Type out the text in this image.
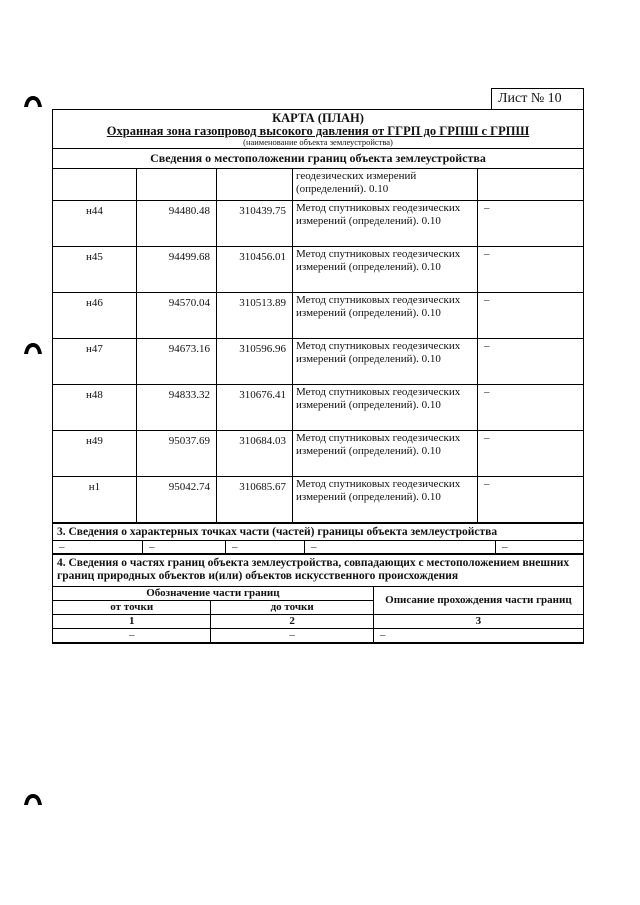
Лист № 10
КАРТА (ПЛАН)
Охранная зона газопровод высокого давления от ГГРП до ГРПШ с ГРПШ
(наименование объекта землеустройства)
Сведения о местоположении границ объекта землеустройства
			геодезических измерений (определений). 0.10	
н44	94480.48	310439.75	Метод спутниковых геодезических измерений (определений). 0.10	–
н45	94499.68	310456.01	Метод спутниковых геодезических измерений (определений). 0.10	–
н46	94570.04	310513.89	Метод спутниковых геодезических измерений (определений). 0.10	–
н47	94673.16	310596.96	Метод спутниковых геодезических измерений (определений). 0.10	–
н48	94833.32	310676.41	Метод спутниковых геодезических измерений (определений). 0.10	–
н49	95037.69	310684.03	Метод спутниковых геодезических измерений (определений). 0.10	–
н1	95042.74	310685.67	Метод спутниковых геодезических измерений (определений). 0.10	–
3. Сведения о характерных точках части (частей) границы объекта землеустройства
–	–	–	–	–
4. Сведения о частях границ объекта землеустройства, совпадающих с местоположением внешних границ природных объектов и(или) объектов искусственного происхождения
Обозначение части границ		Описание прохождения части границ
от точки	до точки	
1	2	3
–	–	–
